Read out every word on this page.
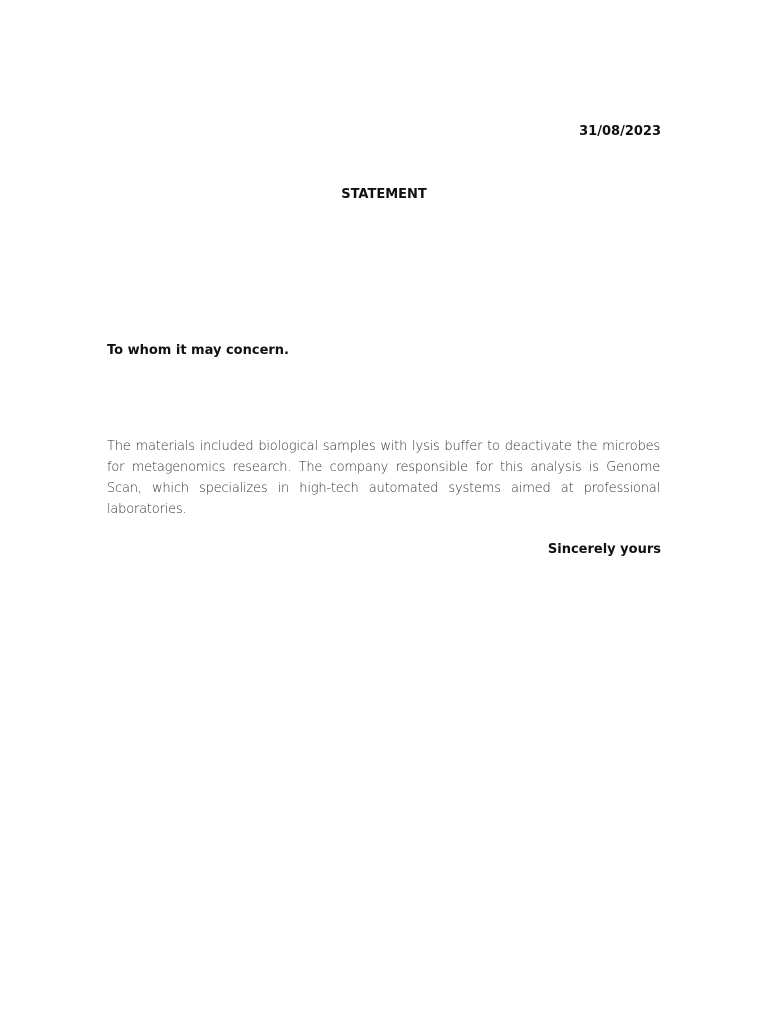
31/08/2023
STATEMENT
To whom it may concern.
The materials included biological samples with lysis buffer to deactivate the microbes for metagenomics research. The company responsible for this analysis is Genome Scan, which specializes in high-tech automated systems aimed at professional laboratories.
Sincerely yours
